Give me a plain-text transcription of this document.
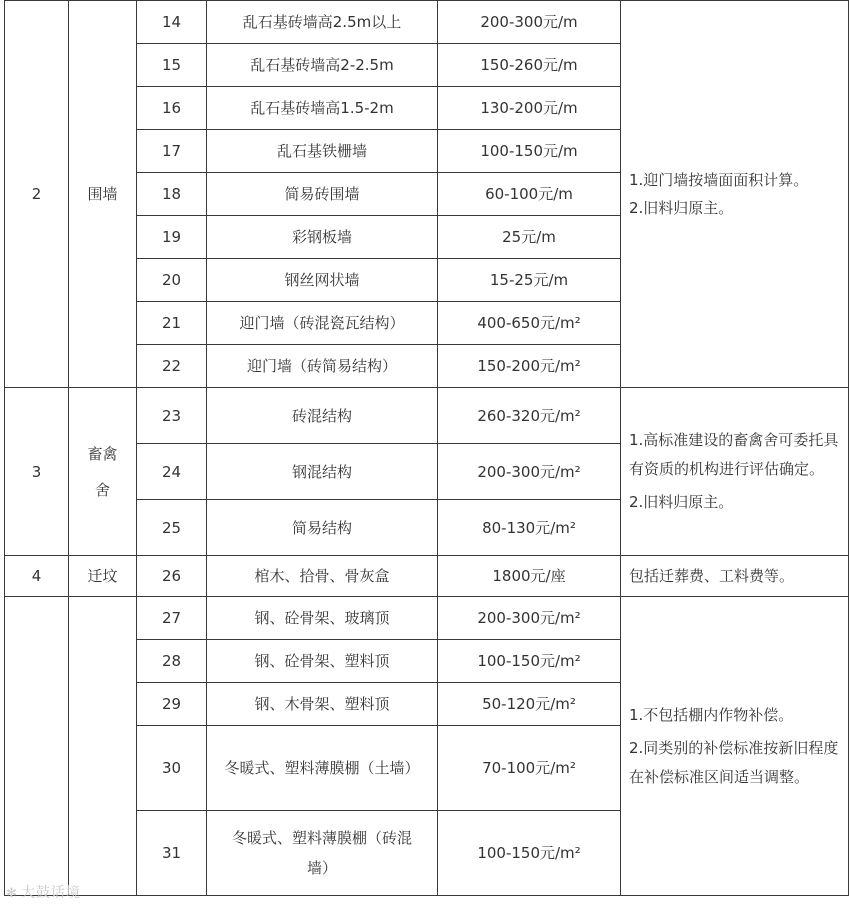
2	围墙	14	乱石基砖墙高2.5m以上	200-300元/m	1.迎门墙按墙面面积计算。
2.旧料归原主。

		15	乱石基砖墙高2-2.5m	150-260元/m	
		16	乱石基砖墙高1.5-2m	130-200元/m	
		17	乱石基铁栅墙	100-150元/m	
		18	简易砖围墙	60-100元/m	
		19	彩钢板墙	25元/m	
		20	钢丝网状墙	15-25元/m	
		21	迎门墙（砖混瓷瓦结构）	400-650元/m²	
		22	迎门墙（砖简易结构）	150-200元/m²	
3	畜禽舍	23	砖混结构	260-320元/m²	1.高标准建设的畜禽舍可委托具有资质的机构进行评估确定。
2.旧料归原主。

		24	钢混结构	200-300元/m²	
		25	简易结构	80-130元/m²	
4	迁坟	26	棺木、拾骨、骨灰盒	1800元/座	包括迁葬费、工料费等。
		27	钢、砼骨架、玻璃顶	200-300元/m²	1.不包括棚内作物补偿。
2.同类别的补偿标准按新旧程度在补偿标准区间适当调整。

		28	钢、砼骨架、塑料顶	100-150元/m²	
		29	钢、木骨架、塑料顶	50-120元/m²	
		30	冬暖式、塑料薄膜棚（土墙）	70-100元/m²	
		31	冬暖式、塑料薄膜棚（砖混墙）	100-150元/m²	
✻ 大鼓话境
